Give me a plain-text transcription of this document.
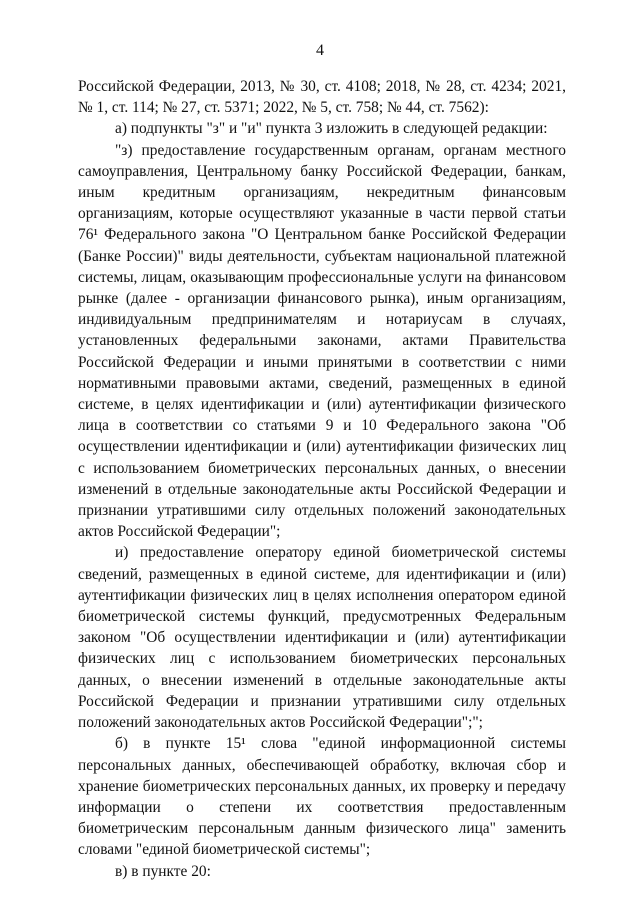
4

Российской Федерации, 2013, № 30, ст. 4108; 2018, № 28, ст. 4234; 2021, № 1, ст. 114; № 27, ст. 5371; 2022, № 5, ст. 758; № 44, ст. 7562):

а) подпункты "з" и "и" пункта 3 изложить в следующей редакции:

"з) предоставление государственным органам, органам местного самоуправления, Центральному банку Российской Федерации, банкам, иным кредитным организациям, некредитным финансовым организациям, которые осуществляют указанные в части первой статьи 76¹ Федерального закона "О Центральном банке Российской Федерации (Банке России)" виды деятельности, субъектам национальной платежной системы, лицам, оказывающим профессиональные услуги на финансовом рынке (далее - организации финансового рынка), иным организациям, индивидуальным предпринимателям и нотариусам в случаях, установленных федеральными законами, актами Правительства Российской Федерации и иными принятыми в соответствии с ними нормативными правовыми актами, сведений, размещенных в единой системе, в целях идентификации и (или) аутентификации физического лица в соответствии со статьями 9 и 10 Федерального закона "Об осуществлении идентификации и (или) аутентификации физических лиц с использованием биометрических персональных данных, о внесении изменений в отдельные законодательные акты Российской Федерации и признании утратившими силу отдельных положений законодательных актов Российской Федерации";

и) предоставление оператору единой биометрической системы сведений, размещенных в единой системе, для идентификации и (или) аутентификации физических лиц в целях исполнения оператором единой биометрической системы функций, предусмотренных Федеральным законом "Об осуществлении идентификации и (или) аутентификации физических лиц с использованием биометрических персональных данных, о внесении изменений в отдельные законодательные акты Российской Федерации и признании утратившими силу отдельных положений законодательных актов Российской Федерации";";

б) в пункте 15¹ слова "единой информационной системы персональных данных, обеспечивающей обработку, включая сбор и хранение биометрических персональных данных, их проверку и передачу информации о степени их соответствия предоставленным биометрическим персональным данным физического лица" заменить словами "единой биометрической системы";

в) в пункте 20:
